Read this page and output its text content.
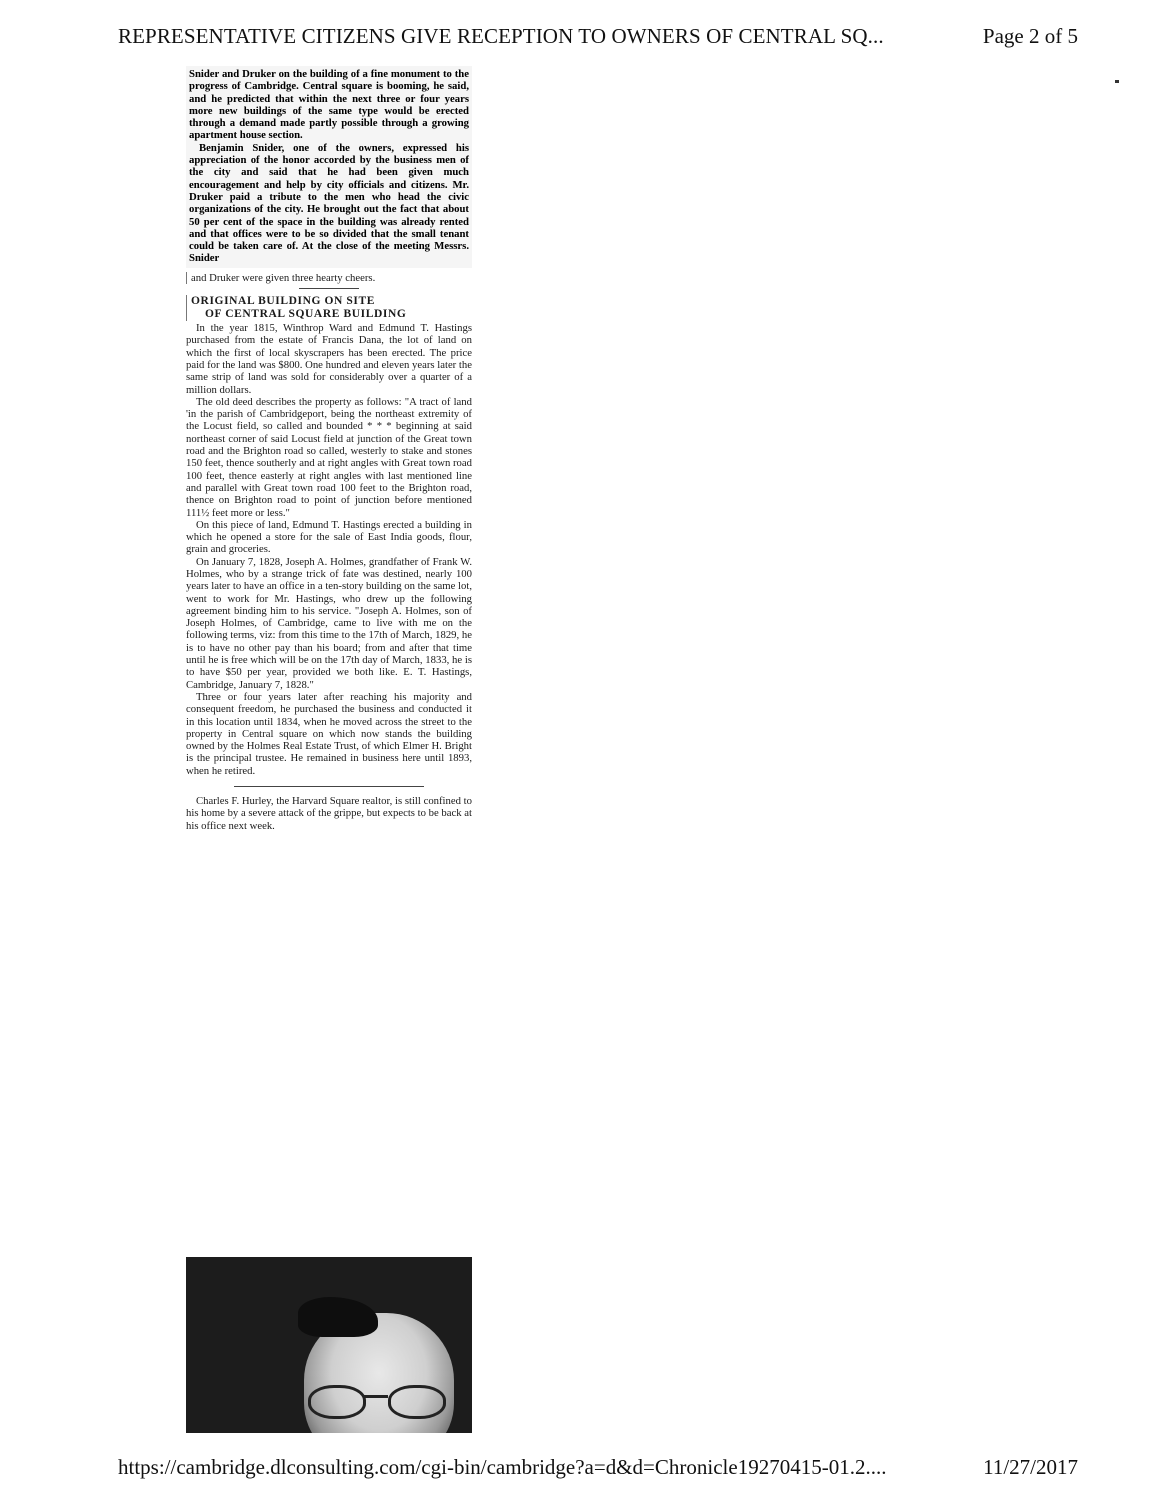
REPRESENTATIVE CITIZENS GIVE RECEPTION TO OWNERS OF CENTRAL SQ...	Page 2 of 5

Snider and Druker on the building of a fine monument to the progress of Cambridge. Central square is booming, he said, and he predicted that within the next three or four years more new buildings of the same type would be erected through a demand made partly possible through a growing apartment house section.

Benjamin Snider, one of the owners, expressed his appreciation of the honor accorded by the business men of the city and said that he had been given much encouragement and help by city officials and citizens. Mr. Druker paid a tribute to the men who head the civic organizations of the city. He brought out the fact that about 50 per cent of the space in the building was already rented and that offices were to be so divided that the small tenant could be taken care of. At the close of the meeting Messrs. Snider

and Druker were given three hearty cheers.

ORIGINAL BUILDING ON SITE
OF CENTRAL SQUARE BUILDING

In the year 1815, Winthrop Ward and Edmund T. Hastings purchased from the estate of Francis Dana, the lot of land on which the first of local skyscrapers has been erected. The price paid for the land was $800. One hundred and eleven years later the same strip of land was sold for considerably over a quarter of a million dollars.

The old deed describes the property as follows: "A tract of land 'in the parish of Cambridgeport, being the northeast extremity of the Locust field, so called and bounded * * * beginning at said northeast corner of said Locust field at junction of the Great town road and the Brighton road so called, westerly to stake and stones 150 feet, thence southerly and at right angles with Great town road 100 feet, thence easterly at right angles with last mentioned line and parallel with Great town road 100 feet to the Brighton road, thence on Brighton road to point of junction before mentioned 111½ feet more or less."

On this piece of land, Edmund T. Hastings erected a building in which he opened a store for the sale of East India goods, flour, grain and groceries.

On January 7, 1828, Joseph A. Holmes, grandfather of Frank W. Holmes, who by a strange trick of fate was destined, nearly 100 years later to have an office in a ten-story building on the same lot, went to work for Mr. Hastings, who drew up the following agreement binding him to his service. "Joseph A. Holmes, son of Joseph Holmes, of Cambridge, came to live with me on the following terms, viz: from this time to the 17th of March, 1829, he is to have no other pay than his board; from and after that time until he is free which will be on the 17th day of March, 1833, he is to have $50 per year, provided we both like. E. T. Hastings, Cambridge, January 7, 1828."

Three or four years later after reaching his majority and consequent freedom, he purchased the business and conducted it in this location until 1834, when he moved across the street to the property in Central square on which now stands the building owned by the Holmes Real Estate Trust, of which Elmer H. Bright is the principal trustee. He remained in business here until 1893, when he retired.

Charles F. Hurley, the Harvard Square realtor, is still confined to his home by a severe attack of the grippe, but expects to be back at his office next week.

https://cambridge.dlconsulting.com/cgi-bin/cambridge?a=d&d=Chronicle19270415-01.2....	11/27/2017
